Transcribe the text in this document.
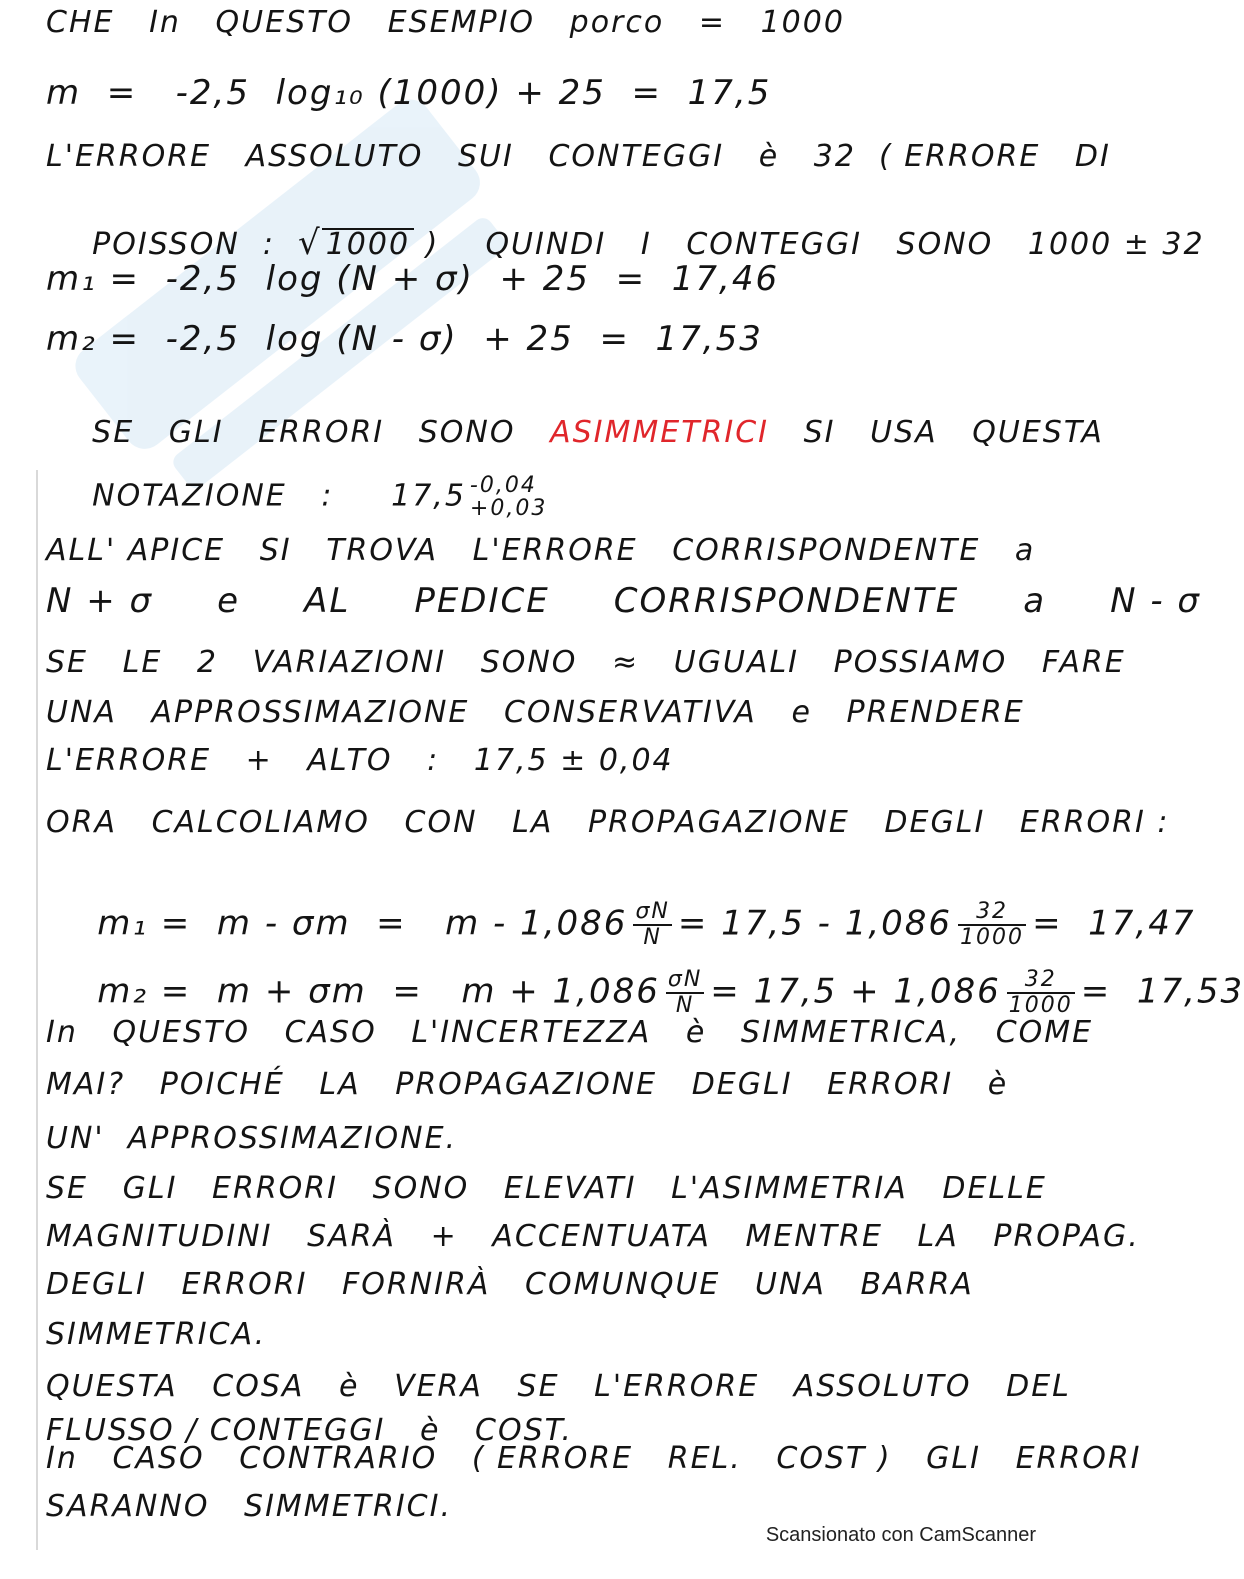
CHE   In   QUESTO   ESEMPIO   porco   =   1000
m  =   -2,5  log₁₀ (1000) + 25  =  17,5
L'ERRORE   ASSOLUTO   SUI   CONTEGGI   è   32  ( ERRORE   DI

POISSON  :  √ 1000 )    QUINDI   I   CONTEGGI   SONO   1000 ± 32

m₁ =  -2,5  log (N + σ)  + 25  =  17,46
m₂ =  -2,5  log (N - σ)  + 25  =  17,53

SE   GLI   ERRORI   SONO   ASIMMETRICI   SI   USA   QUESTA

NOTAZIONE   :     17,5 -0,04
+0,03

ALL' APICE   SI   TROVA   L'ERRORE   CORRISPONDENTE   a
N + σ     e     AL     PEDICE     CORRISPONDENTE     a     N - σ
SE   LE   2   VARIAZIONI   SONO   ≈   UGUALI   POSSIAMO   FARE
UNA   APPROSSIMAZIONE   CONSERVATIVA   e   PRENDERE
L'ERRORE   +   ALTO   :   17,5 ± 0,04
ORA   CALCOLIAMO   CON   LA   PROPAGAZIONE   DEGLI   ERRORI :

$m_1 = m - \sigma m = m - 1,086 \frac{\sigma N}{N} = 17,5 - 1,086 \frac{32}{1000} = 17,47$

$m_2 = m + \sigma m = m + 1,086 \frac{\sigma N}{N} = 17,5 + 1,086 \frac{32}{1000} = 17,53$

In   QUESTO   CASO   L'INCERTEZZA   è   SIMMETRICA,   COME
MAI?   POICHÉ   LA   PROPAGAZIONE   DEGLI   ERRORI   è
UN'  APPROSSIMAZIONE.
SE   GLI   ERRORI   SONO   ELEVATI   L'ASIMMETRIA   DELLE
MAGNITUDINI   SARÀ   +   ACCENTUATA   MENTRE   LA   PROPAG.
DEGLI   ERRORI   FORNIRÀ   COMUNQUE   UNA   BARRA
SIMMETRICA.
QUESTA   COSA   è   VERA   SE   L'ERRORE   ASSOLUTO   DEL
FLUSSO / CONTEGGI   è   COST.
In   CASO   CONTRARIO   ( ERRORE   REL.   COST )   GLI   ERRORI
SARANNO   SIMMETRICI.
Scansionato con CamScanner
